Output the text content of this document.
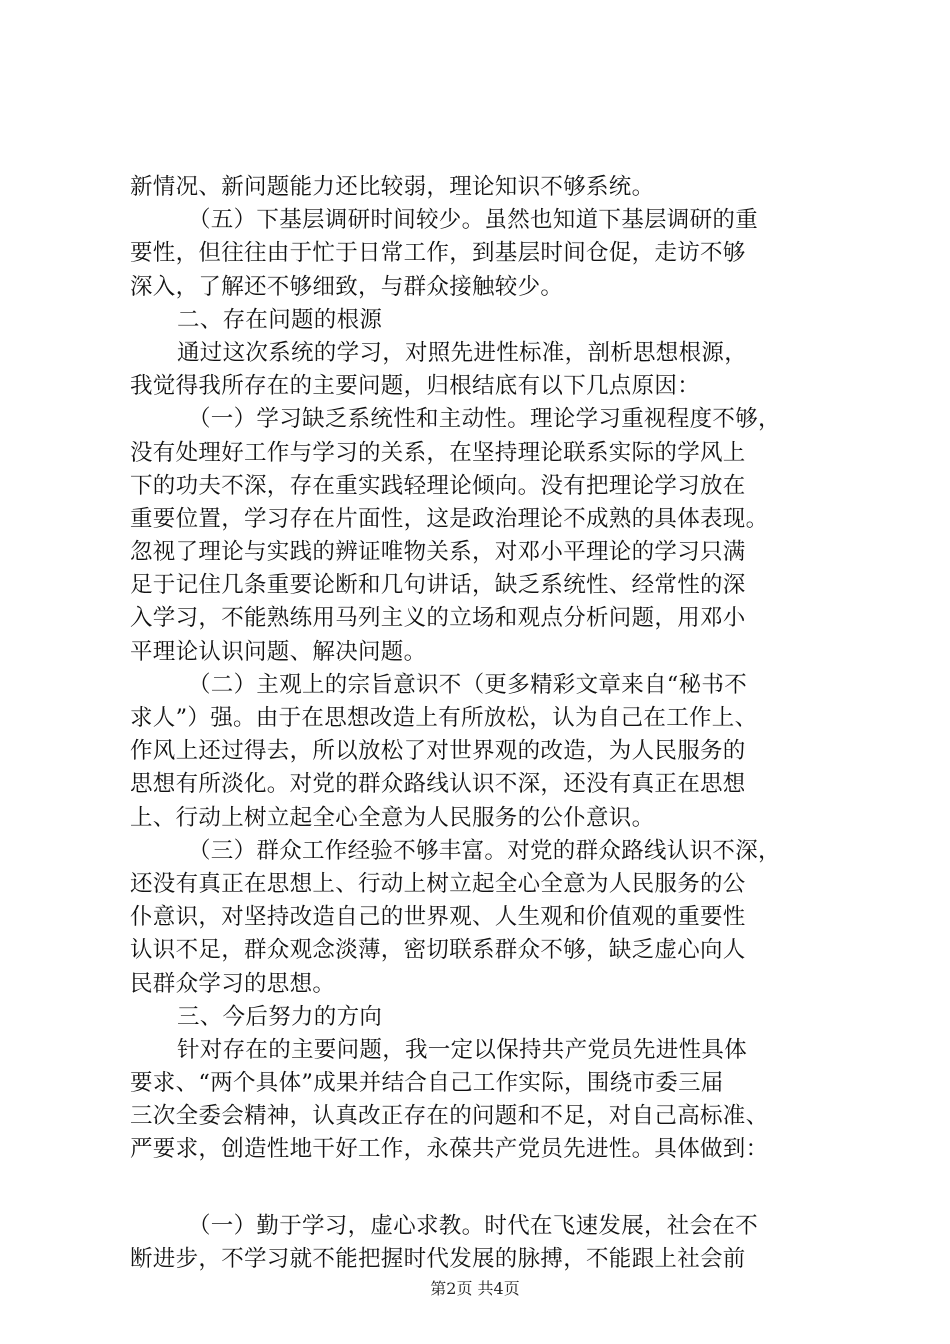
新情况、新问题能力还比较弱，理论知识不够系统。
（五）下基层调研时间较少。虽然也知道下基层调研的重
要性，但往往由于忙于日常工作，到基层时间仓促，走访不够
深入，了解还不够细致，与群众接触较少。
二、存在问题的根源
通过这次系统的学习，对照先进性标准，剖析思想根源，
我觉得我所存在的主要问题，归根结底有以下几点原因：
（一）学习缺乏系统性和主动性。理论学习重视程度不够，
没有处理好工作与学习的关系，在坚持理论联系实际的学风上
下的功夫不深，存在重实践轻理论倾向。没有把理论学习放在
重要位置，学习存在片面性，这是政治理论不成熟的具体表现。
忽视了理论与实践的辨证唯物关系，对邓小平理论的学习只满
足于记住几条重要论断和几句讲话，缺乏系统性、经常性的深
入学习，不能熟练用马列主义的立场和观点分析问题，用邓小
平理论认识问题、解决问题。
（二）主观上的宗旨意识不（更多精彩文章来自“秘书不
求人”）强。由于在思想改造上有所放松，认为自己在工作上、
作风上还过得去，所以放松了对世界观的改造，为人民服务的
思想有所淡化。对党的群众路线认识不深，还没有真正在思想
上、行动上树立起全心全意为人民服务的公仆意识。
（三）群众工作经验不够丰富。对党的群众路线认识不深，
还没有真正在思想上、行动上树立起全心全意为人民服务的公
仆意识，对坚持改造自己的世界观、人生观和价值观的重要性
认识不足，群众观念淡薄，密切联系群众不够，缺乏虚心向人
民群众学习的思想。
三、今后努力的方向
针对存在的主要问题，我一定以保持共产党员先进性具体
要求、“两个具体”成果并结合自己工作实际，围绕市委三届
三次全委会精神，认真改正存在的问题和不足，对自己高标准、
严要求，创造性地干好工作，永葆共产党员先进性。具体做到：
（一）勤于学习，虚心求教。时代在飞速发展，社会在不
断进步，不学习就不能把握时代发展的脉搏，不能跟上社会前
第2页 共4页
